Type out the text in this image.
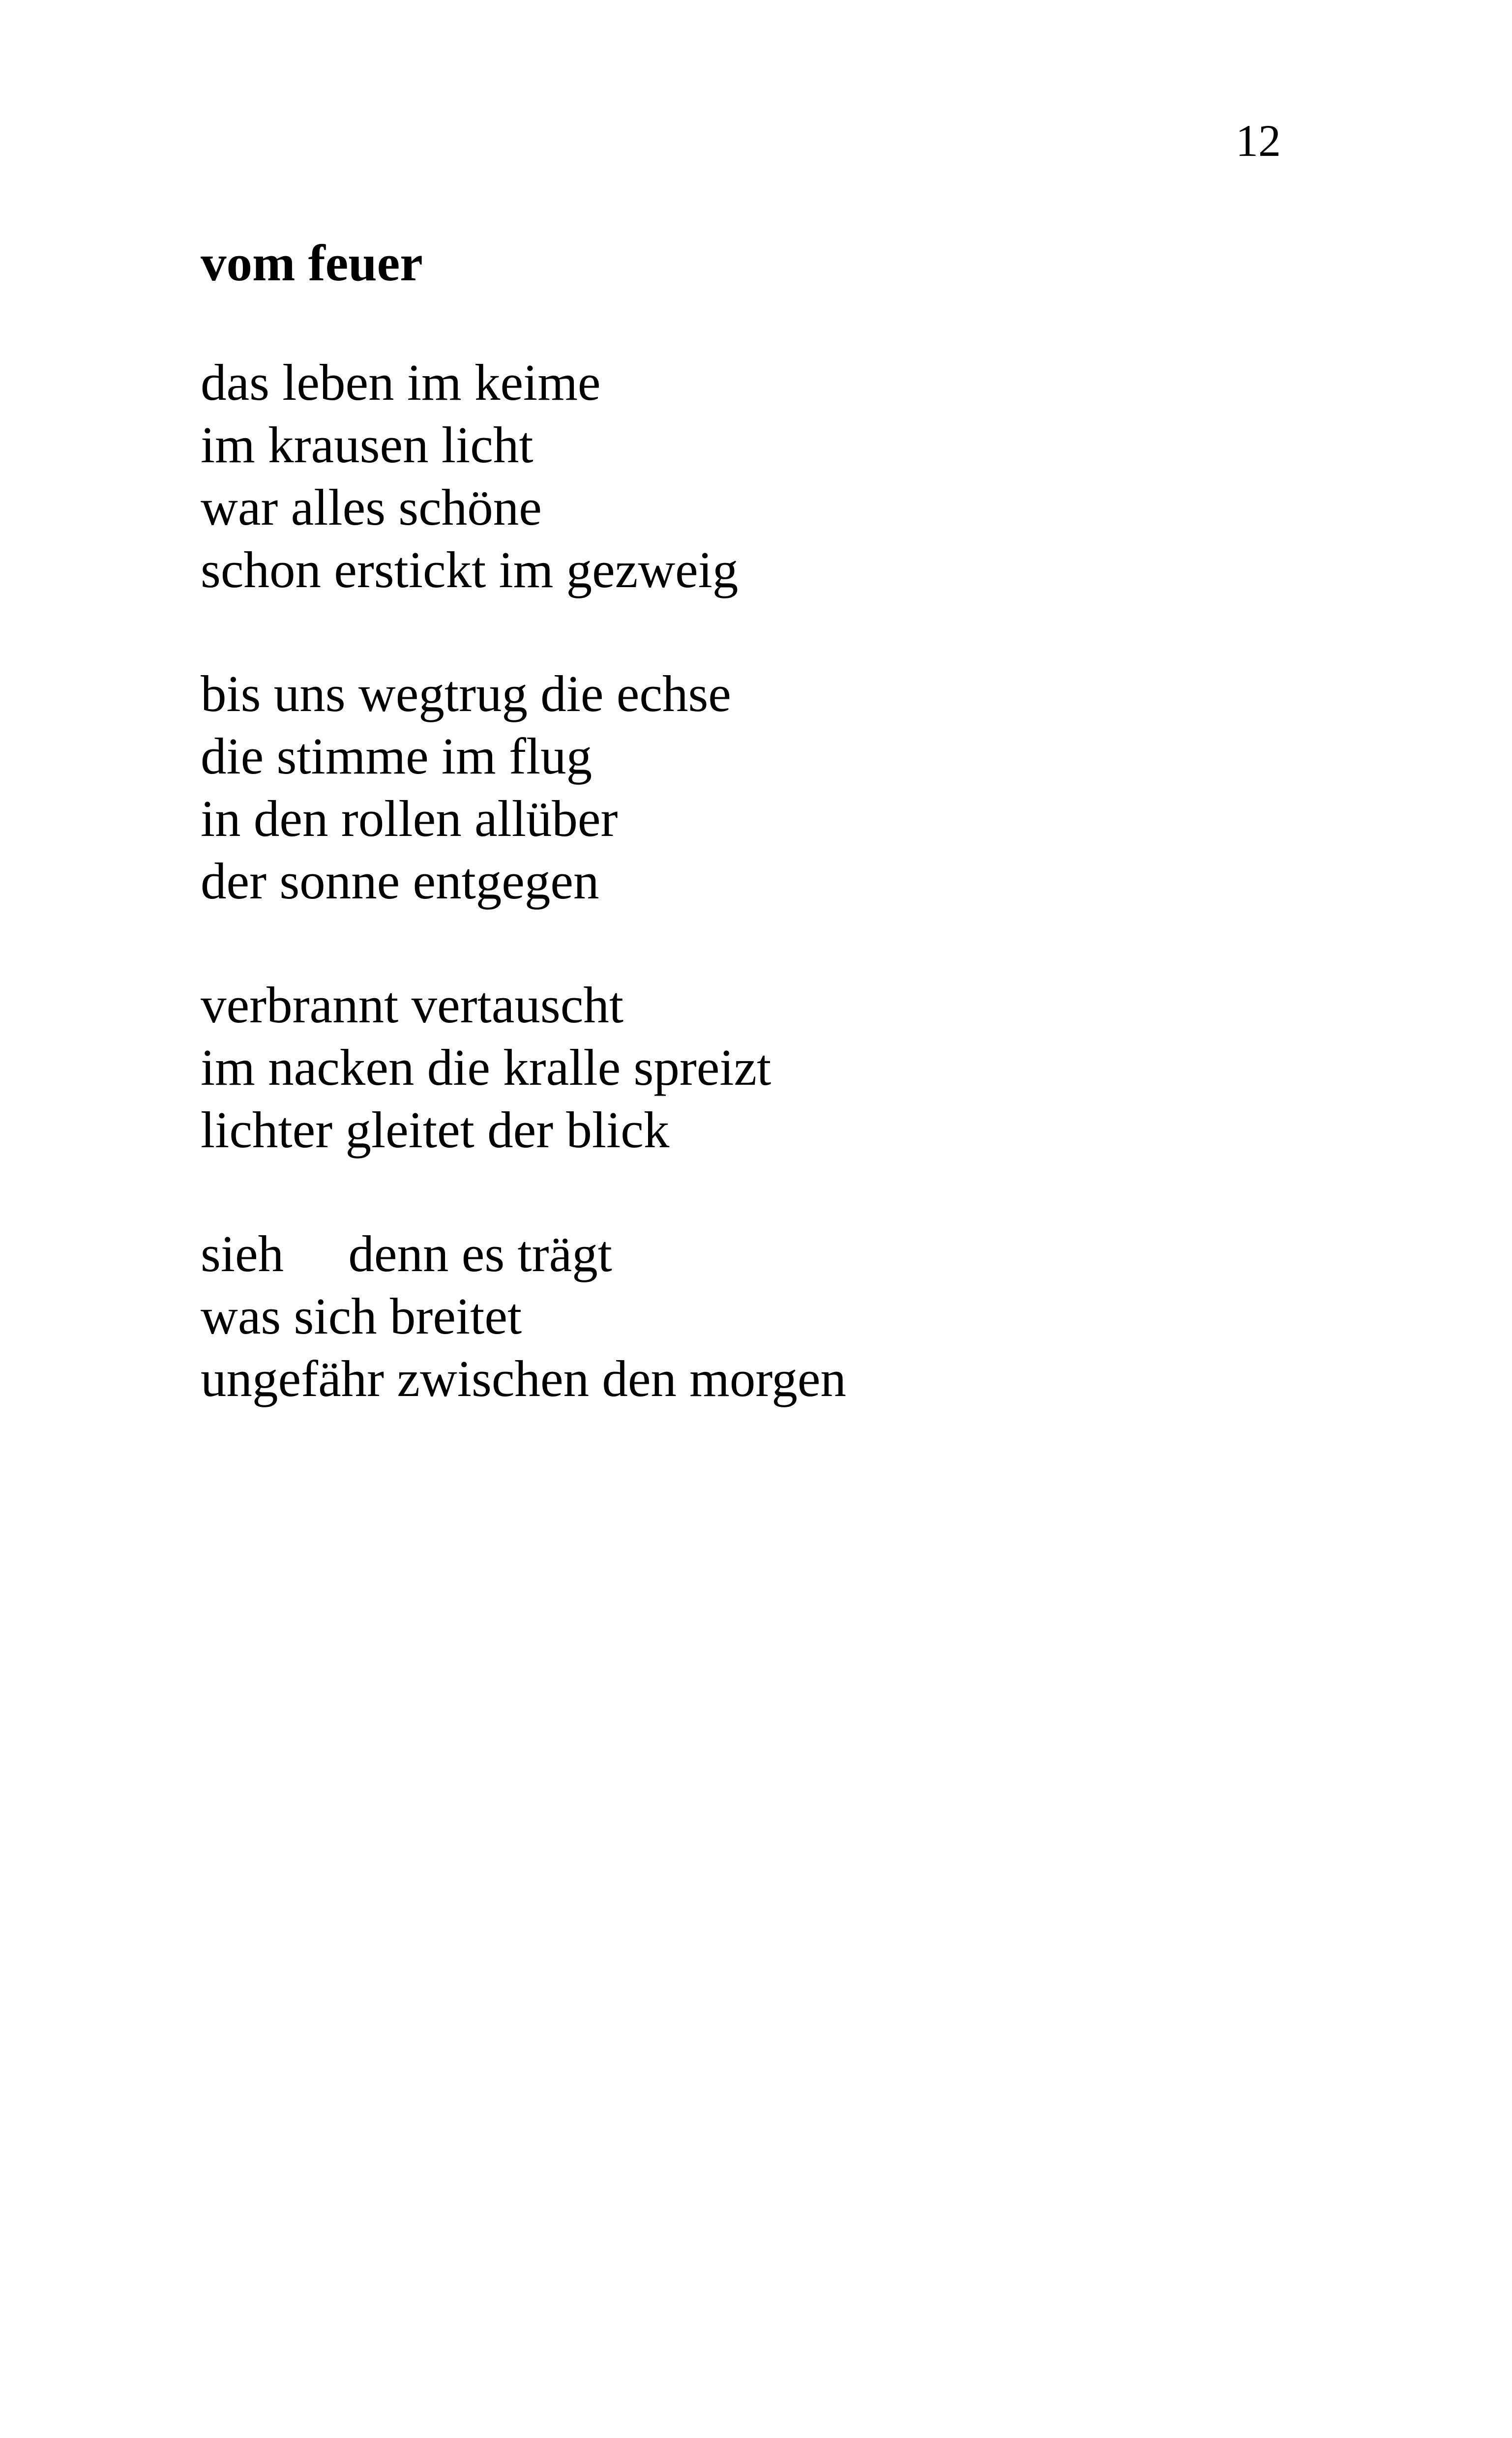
12
vom feuer
das leben im keime
im krausen licht
war alles schöne
schon erstickt im gezweig
bis uns wegtrug die echse
die stimme im flug
in den rollen allüber
der sonne entgegen
verbrannt vertauscht
im nacken die kralle spreizt
lichter gleitet der blick
sieh     denn es trägt
was sich breitet
ungefähr zwischen den morgen
